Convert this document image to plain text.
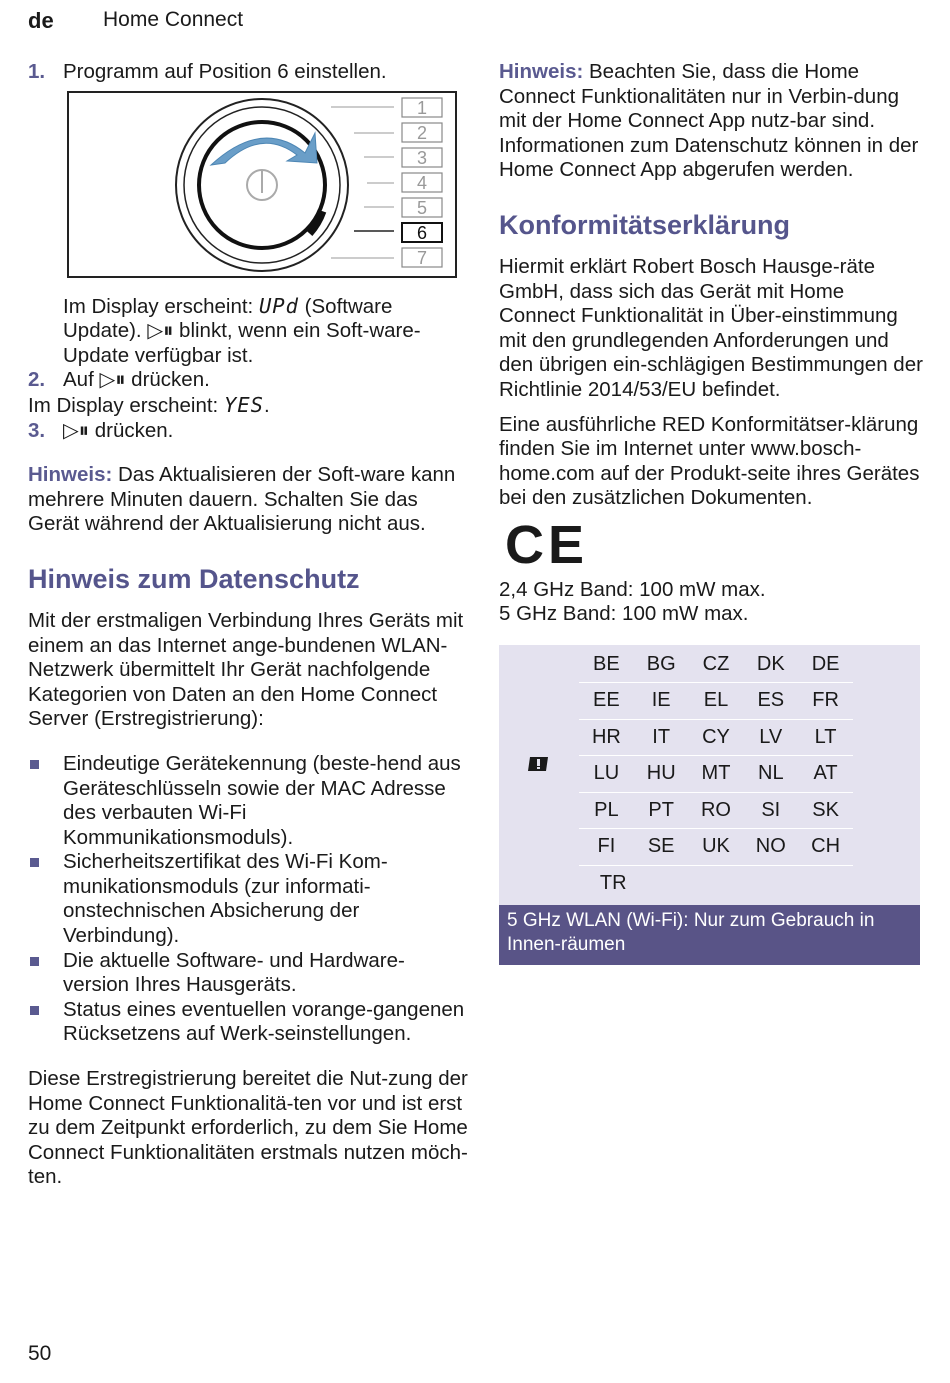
de Home Connect
1. Programm auf Position 6 einstellen.
1
2
3
4
5
6
7

Im Display erscheint: UPd (Software Update). ▷⏸ blinkt, wenn ein Soft-ware-Update verfügbar ist.

2. Auf ▷⏸ drücken.

Im Display erscheint: YES.

3. ▷⏸ drücken.

Hinweis: Das Aktualisieren der Soft-ware kann mehrere Minuten dauern. Schalten Sie das Gerät während der Aktualisierung nicht aus.

Hinweis zum Datenschutz

Mit der erstmaligen Verbindung Ihres Geräts mit einem an das Internet ange-bundenen WLAN-Netzwerk übermittelt Ihr Gerät nachfolgende Kategorien von Daten an den Home Connect Server (Erstregistrierung):

Eindeutige Gerätekennung (beste-hend aus Geräteschlüsseln sowie der MAC Adresse des verbauten Wi-Fi Kommunikationsmoduls).
Sicherheitszertifikat des Wi-Fi Kom-munikationsmoduls (zur informati-onstechnischen Absicherung der Verbindung).
Die aktuelle Software- und Hardware-version Ihres Hausgeräts.
Status eines eventuellen vorange-gangenen Rücksetzens auf Werk-seinstellungen.

Diese Erstregistrierung bereitet die Nut-zung der Home Connect Funktionalitä-ten vor und ist erst zu dem Zeitpunkt erforderlich, zu dem Sie Home Connect Funktionalitäten erstmals nutzen möch-ten.

Hinweis: Beachten Sie, dass die Home Connect Funktionalitäten nur in Verbin-dung mit der Home Connect App nutz-bar sind. Informationen zum Datenschutz können in der Home Connect App abgerufen werden.

Konformitätserklärung

Hiermit erklärt Robert Bosch Hausge-räte GmbH, dass sich das Gerät mit Home Connect Funktionalität in Über-einstimmung mit den grundlegenden Anforderungen und den übrigen ein-schlägigen Bestimmungen der Richtlinie 2014/53/EU befindet.

Eine ausführliche RED Konformitätser-klärung finden Sie im Internet unter www.bosch-home.com auf der Produkt-seite ihres Gerätes bei den zusätzlichen Dokumenten.

CE

2,4 GHz Band: 100 mW max.

5 GHz Band: 100 mW max.

BE	BG	CZ	DK	DE
EE	IE	EL	ES	FR
HR	IT	CY	LV	LT
LU	HU	MT	NL	AT
PL	PT	RO	SI	SK
FI	SE	UK	NO	CH
TR
5 GHz WLAN (Wi-Fi): Nur zum Gebrauch in Innen-räumen
50
